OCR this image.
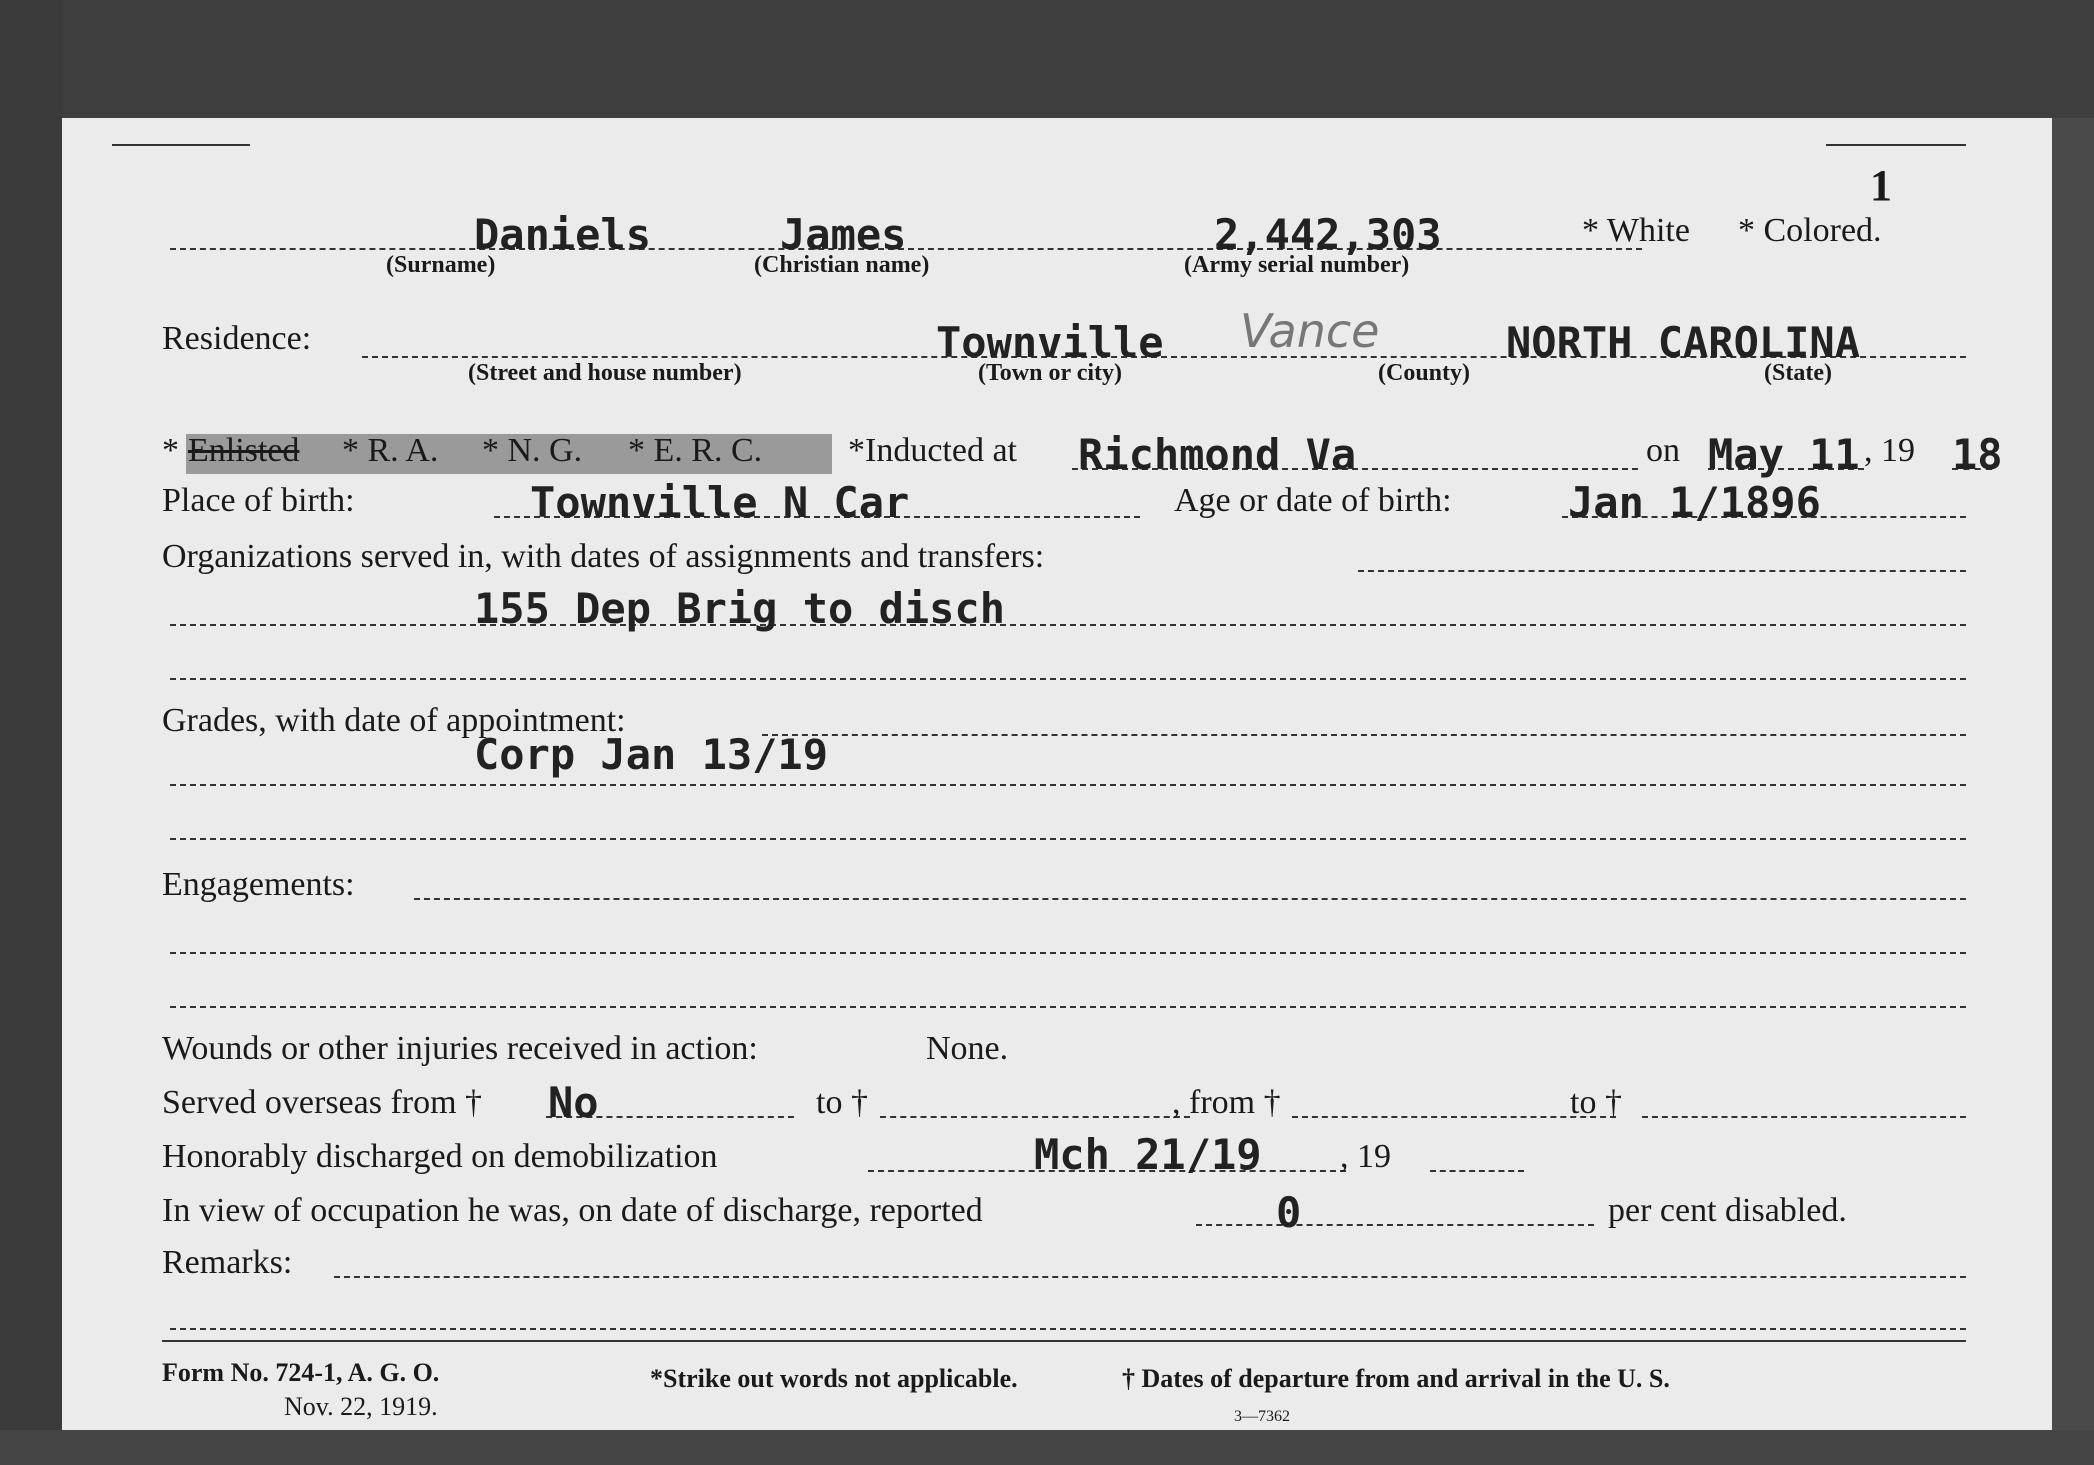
1
Daniels	James	2,442,303	* White * Colored.
(Surname)	(Christian name)	(Army serial number)
Residence:	Townville Vance	NORTH CAROLINA
(Street and house number)	(Town or city)	(County)	(State)
* Enlisted * R. A. * N. G. * E. R. C.	*Inducted at Richmond Va	on May 11 , 19 18
Place of birth:	Townville N Car	Age or date of birth:	Jan 1/1896
Organizations served in, with dates of assignments and transfers:
155 Dep Brig to disch
Grades, with date of appointment:
Corp Jan 13/19
Engagements:
Wounds or other injuries received in action:	None.
Served overseas from † No	to †	, from †	to †
Honorably discharged on demobilization	Mch 21/19 , 19
In view of occupation he was, on date of discharge, reported	0	per cent disabled.
Remarks:
Form No. 724-1, A. G. O.
Nov. 22, 1919.
*Strike out words not applicable.	† Dates of departure from and arrival in the U. S.
3—7362
